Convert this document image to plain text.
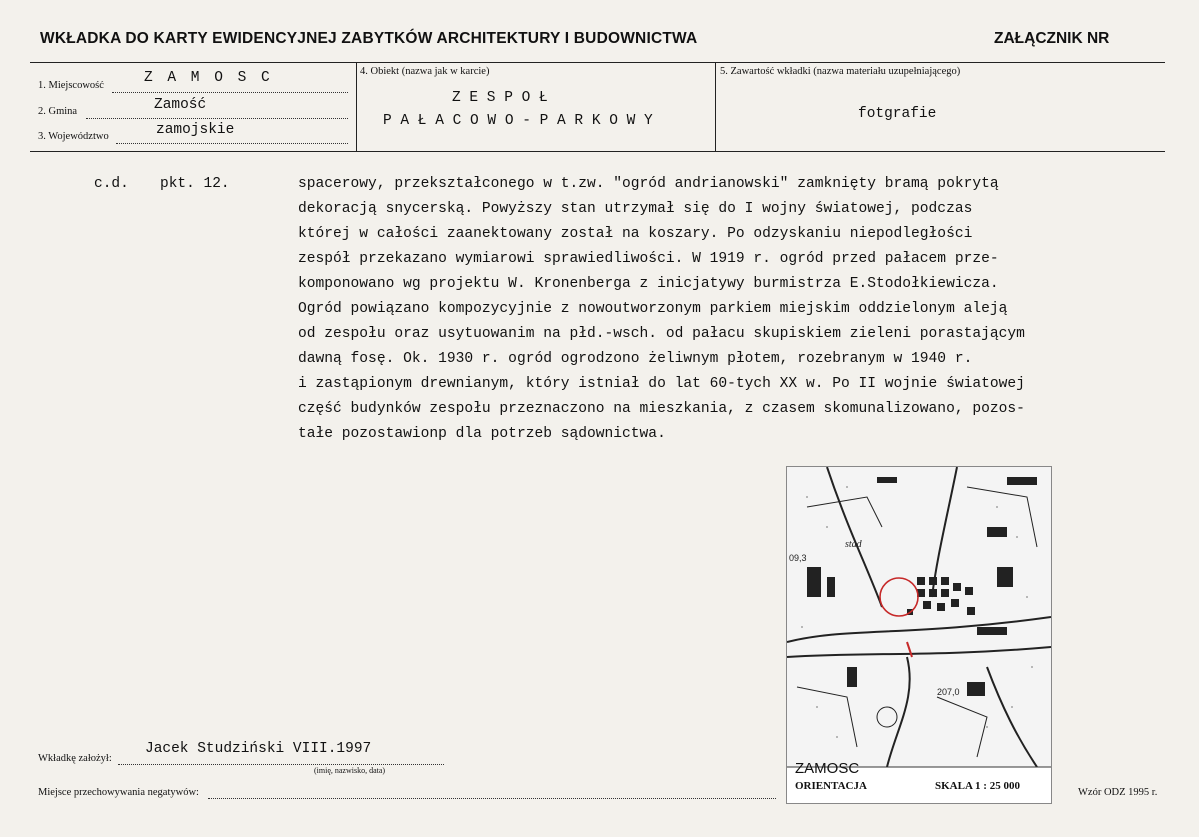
WKŁADKA DO KARTY EWIDENCYJNEJ ZABYTKÓW ARCHITEKTURY I BUDOWNICTWA	ZAŁĄCZNIK NR
1. Miejscowość	Z A M O S C
2. Gmina	Zamość
3. Województwo	zamojskie
4. Obiekt (nazwa jak w karcie)
Z E S P O Ł
P A Ł A C O W O - P A R K O W Y
5. Zawartość wkładki (nazwa materiału uzupełniającego)
fotgrafie
c.d. pkt. 12.	spacerowy, przekształconego w t.zw. "ogród andrianowski" zamknięty bramą pokrytą
dekoracją snycerską. Powyższy stan utrzymał się do I wojny światowej, podczas
której w całości zaanektowany został na koszary. Po odzyskaniu niepodległości
zespół przekazano wymiarowi sprawiedliwości. W 1919 r. ogród przed pałacem prze-
komponowano wg projektu W. Kronenberga z inicjatywy burmistrza E.Stodołkiewicza.
Ogród powiązano kompozycyjnie z nowoutworzonym parkiem miejskim oddzielonym aleją
od zespołu oraz usytuowanim na płd.-wsch. od pałacu skupiskiem zieleni porastającym
dawną fosę. Ok. 1930 r. ogród ogrodzono żeliwnym płotem, rozebranym w 1940 r.
i zastąpionym drewnianym, który istniał do lat 60-tych XX w. Po II wojnie światowej
część budynków zespołu przeznaczono na mieszkania, z czasem skomunalizowano, pozos-
tałe pozostawionp dla potrzeb sądownictwa.
stad
09,3
207,0
ZAMOSC
ORIENTACJA	SKALA 1 : 25 000
Wkładkę założył:
Jacek Studziński VIII.1997
(imię, nazwisko, data)
Miejsce przechowywania negatywów:	Wzór ODZ 1995 r.
